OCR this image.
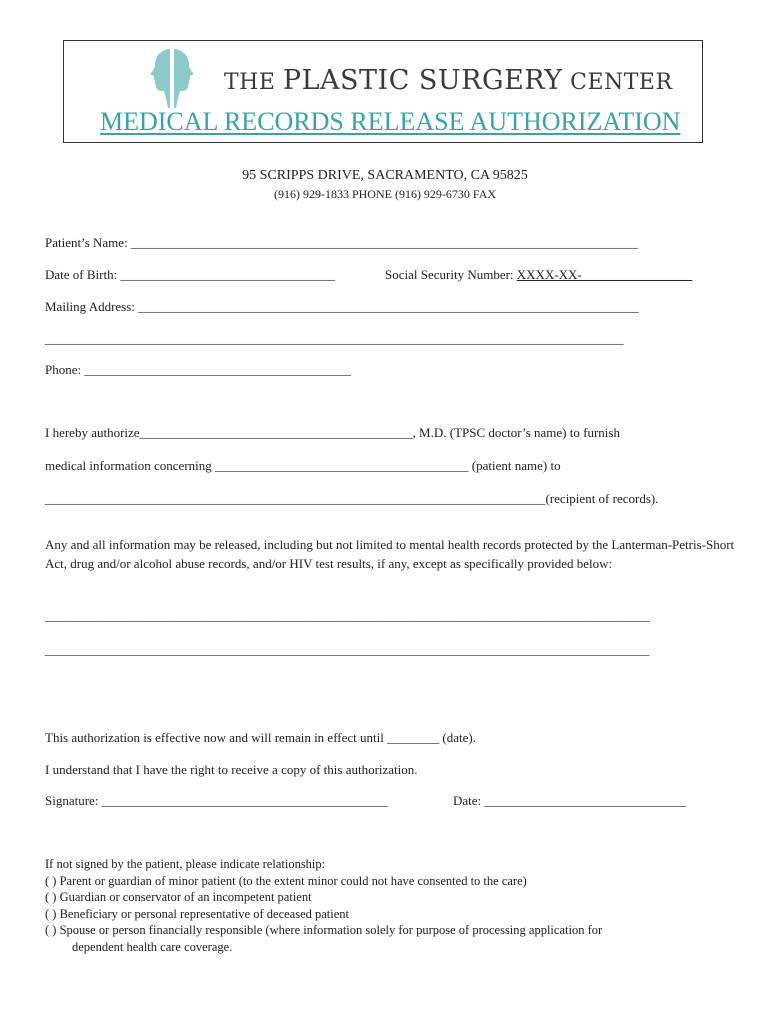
THE PLASTIC SURGERY CENTER
MEDICAL RECORDS RELEASE AUTHORIZATION
95 SCRIPPS DRIVE, SACRAMENTO, CA 95825
(916) 929-1833 PHONE (916) 929-6730 FAX
Patient’s Name: ______________________________________________________________________________
Date of Birth: _________________________________	Social Security Number: XXXX-XX-_________________
Mailing Address: _____________________________________________________________________________
_________________________________________________________________________________________
Phone: _________________________________________
I hereby authorize__________________________________________, M.D. (TPSC doctor’s name) to furnish
medical information concerning _______________________________________ (patient name) to
_____________________________________________________________________________(recipient of records).
Any and all information may be released, including but not limited to mental health records protected by the Lanterman-Petris-Short Act, drug and/or alcohol abuse records, and/or HIV test results, if any, except as specifically provided below:
_____________________________________________________________________________________________
_____________________________________________________________________________________________
This authorization is effective now and will remain in effect until ________ (date).
I understand that I have the right to receive a copy of this authorization.
Signature: ____________________________________________	Date: _______________________________
If not signed by the patient, please indicate relationship:
( ) Parent or guardian of minor patient (to the extent minor could not have consented to the care)
( ) Guardian or conservator of an incompetent patient
( ) Beneficiary or personal representative of deceased patient
( ) Spouse or person financially responsible (where information solely for purpose of processing application for
dependent health care coverage.
